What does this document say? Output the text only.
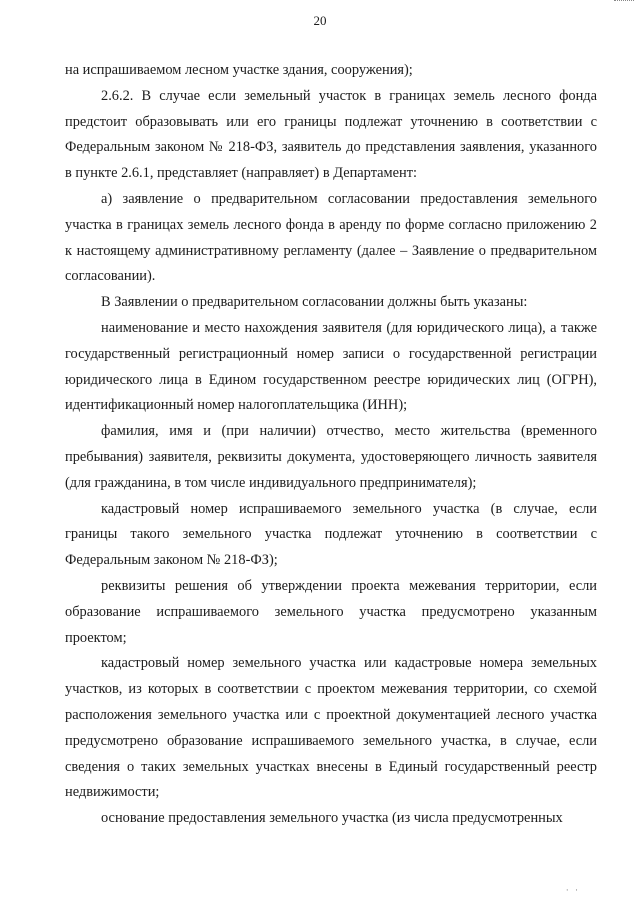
20

на испрашиваемом лесном участке здания, сооружения);

2.6.2. В случае если земельный участок в границах земель лесного фонда предстоит образовывать или его границы подлежат уточнению в соответствии с Федеральным законом № 218-ФЗ, заявитель до представления заявления, указанного в пункте 2.6.1, представляет (направляет) в Департамент:

а) заявление о предварительном согласовании предоставления земельного участка в границах земель лесного фонда в аренду по форме согласно приложению 2 к настоящему административному регламенту (далее – Заявление о предварительном согласовании).

В Заявлении о предварительном согласовании должны быть указаны:

наименование и место нахождения заявителя (для юридического лица), а также государственный регистрационный номер записи о государственной регистрации юридического лица в Едином государственном реестре юридических лиц (ОГРН), идентификационный номер налогоплательщика (ИНН);

фамилия, имя и (при наличии) отчество, место жительства (временного пребывания) заявителя, реквизиты документа, удостоверяющего личность заявителя (для гражданина, в том числе индивидуального предпринимателя);

кадастровый номер испрашиваемого земельного участка (в случае, если границы такого земельного участка подлежат уточнению в соответствии с Федеральным законом № 218-ФЗ);

реквизиты решения об утверждении проекта межевания территории, если образование испрашиваемого земельного участка предусмотрено указанным проектом;

кадастровый номер земельного участка или кадастровые номера земельных участков, из которых в соответствии с проектом межевания территории, со схемой расположения земельного участка или с проектной документацией лесного участка предусмотрено образование испрашиваемого земельного участка, в случае, если сведения о таких земельных участках внесены в Единый государственный реестр недвижимости;

основание предоставления земельного участка (из числа предусмотренных

· ·
